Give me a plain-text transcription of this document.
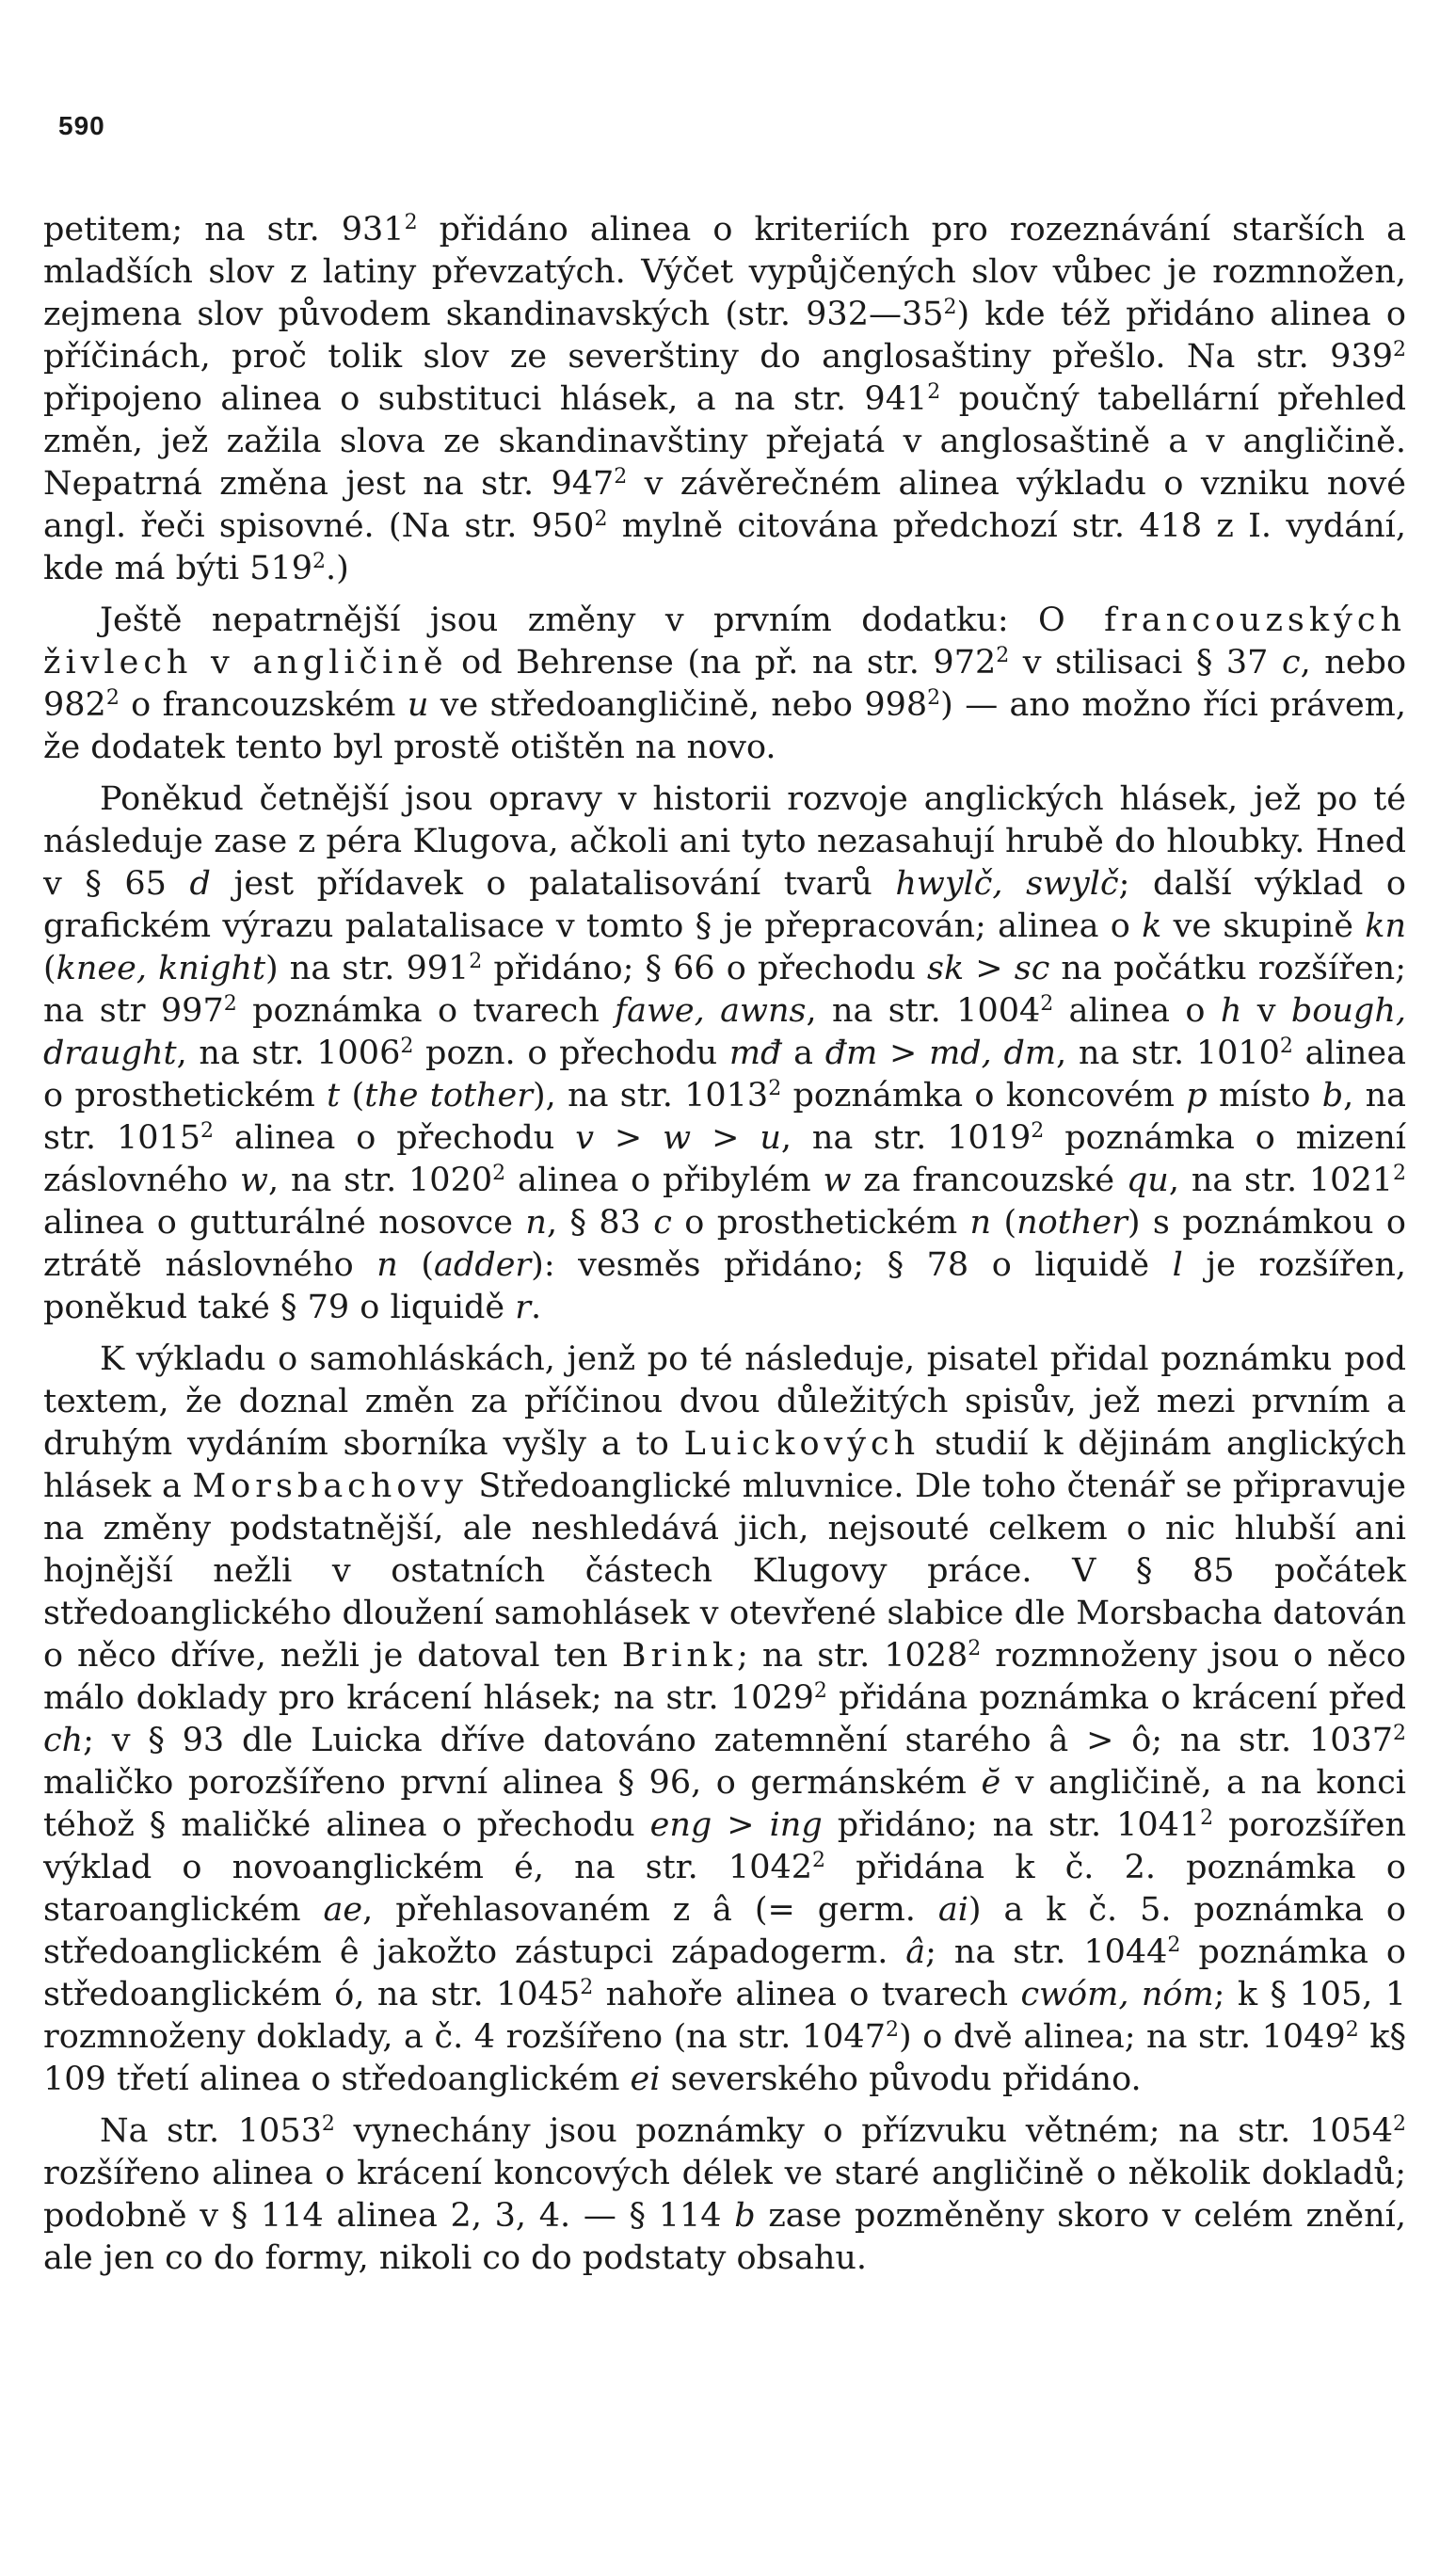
590

petitem; na str. $931^2$ přidáno alinea o kriteriích pro rozeznávání starších a mladších slov z latiny převzatých. Výčet vypůjčených slov vůbec je rozmnožen, zejmena slov původem skandinavských (str. $932—35^2$) kde též přidáno alinea o příčinách, proč tolik slov ze severštiny do anglosaštiny přešlo. Na str. $939^2$ připojeno alinea o substituci hlásek, a na str. $941^2$ poučný tabellární přehled změn, jež zažila slova ze skandinavštiny přejatá v anglosaštině a v angličině. Nepatrná změna jest na str. $947^2$ v závěrečném alinea výkladu o vzniku nové angl. řeči spisovné. (Na str. $950^2$ mylně citována předchozí str. 418 z I. vydání, kde má býti $519^2$.)

Ještě nepatrnější jsou změny v prvním dodatku: O francouzských živlech v angličině od Behrense (na př. na str. $972^2$ v stilisaci § 37 c, nebo $982^2$ o francouzském u ve středoangličině, nebo $998^2$) — ano možno říci právem, že dodatek tento byl prostě otištěn na novo.

Poněkud četnější jsou opravy v historii rozvoje anglických hlásek, jež po té následuje zase z péra Klugova, ačkoli ani tyto nezasahují hrubě do hloubky. Hned v § 65 d jest přídavek o palatalisování tvarů hwylč, swylč; další výklad o grafickém výrazu palatalisace v tomto § je přepracován; alinea o k ve skupině kn (knee, knight) na str. $991^2$ přidáno; § 66 o přechodu sk > sc na počátku rozšířen; na str $997^2$ poznámka o tvarech fawe, awns, na str. 1004$^2$ alinea o h v bough, draught, na str. 1006$^2$ pozn. o přechodu mđ a đm > md, dm, na str. 1010$^2$ alinea o prosthetickém t (the tother), na str. 1013$^2$ poznámka o koncovém p místo b, na str. 1015$^2$ alinea o přechodu v > w > u, na str. 1019$^2$ poznámka o mizení záslovného w, na str. 1020$^2$ alinea o přibylém w za francouzské qu, na str. 1021$^2$ alinea o gutturálné nosovce n, § 83 c o prosthetickém n (nother) s poznámkou o ztrátě náslovného n (adder): vesměs přidáno; § 78 o liquidě l je rozšířen, poněkud také § 79 o liquidě r.

K výkladu o samohláskách, jenž po té následuje, pisatel přidal poznámku pod textem, že doznal změn za příčinou dvou důležitých spisův, jež mezi prvním a druhým vydáním sborníka vyšly a to Luickových studií k dějinám anglických hlásek a Morsbachovy Středoanglické mluvnice. Dle toho čtenář se připravuje na změny podstatnější, ale neshledává jich, nejsouté celkem o nic hlubší ani hojnější nežli v ostatních částech Klugovy práce. V § 85 počátek středoanglického dloužení samohlásek v otevřené slabice dle Morsbacha datován o něco dříve, nežli je datoval ten Brink; na str. 1028$^2$ rozmnoženy jsou o něco málo doklady pro krácení hlásek; na str. 1029$^2$ přidána poznámka o krácení před ch; v § 93 dle Luicka dříve datováno zatemnění starého â > ô; na str. 1037$^2$ maličko porozšířeno první alinea § 96, o germánském ĕ v angličině, a na konci téhož § maličké alinea o přechodu eng > ing přidáno; na str. 1041$^2$ porozšířen výklad o novoanglickém é, na str. 1042$^2$ přidána k č. 2. poznámka o staroanglickém ae, přehlasovaném z â (= germ. ai) a k č. 5. poznámka o středoanglickém ê jakožto zástupci západogerm. â; na str. 1044$^2$ poznámka o středoanglickém ó, na str. 1045$^2$ nahoře alinea o tvarech cwóm, nóm; k § 105, 1 rozmnoženy doklady, a č. 4 rozšířeno (na str. 1047$^2$) o dvě alinea; na str. 1049$^2$ k§ 109 třetí alinea o středoanglickém ei severského původu přidáno.

Na str. 1053$^2$ vynechány jsou poznámky o přízvuku větném; na str. 1054$^2$ rozšířeno alinea o krácení koncových délek ve staré angličině o několik dokladů; podobně v § 114 alinea 2, 3, 4. — § 114 b zase pozměněny skoro v celém znění, ale jen co do formy, nikoli co do podstaty obsahu.
